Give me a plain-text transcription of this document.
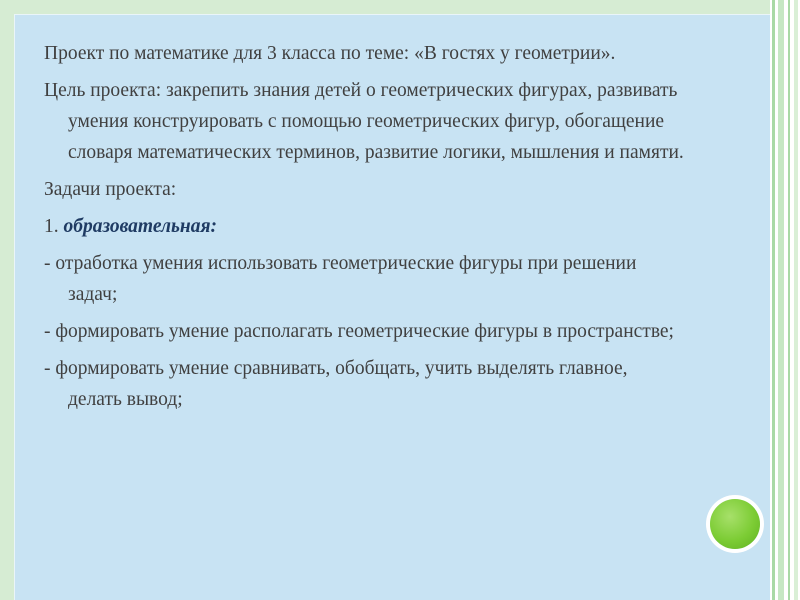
Проект по математике для 3 класса по теме: «В гостях у геометрии».

Цель проекта: закрепить знания детей о геометрических фигурах, развивать умения конструировать с помощью геометрических фигур, обогащение словаря математических терминов, развитие логики, мышления и памяти.

Задачи проекта:

1. образовательная:

- отработка умения использовать геометрические фигуры при решении задач;

- формировать умение располагать геометрические фигуры в пространстве;

- формировать умение сравнивать, обобщать, учить выделять главное, делать вывод;
